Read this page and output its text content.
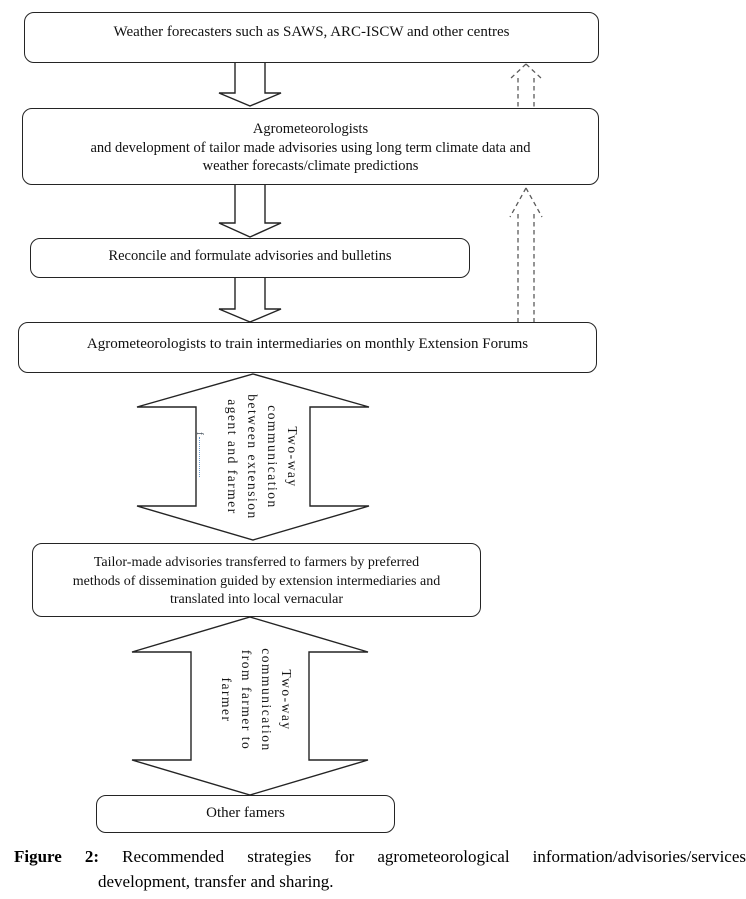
Weather forecasters such as SAWS, ARC-ISCW and other centres
Agrometeorologists
and development of tailor made advisories using long term climate data and
weather forecasts/climate predictions
Reconcile and formulate advisories and bulletins
Agrometeorologists to train intermediaries on monthly Extension Forums
Tailor-made advisories transferred to farmers by preferred
methods of dissemination guided by extension intermediaries and
translated into local vernacular
Other famers
Two-way
communication
between extension
agent and farmer
Two-way
communication
from farmer to
farmer
f
Figure 2: Recommended strategies for agrometeorological information/advisories/services
development, transfer and sharing.
